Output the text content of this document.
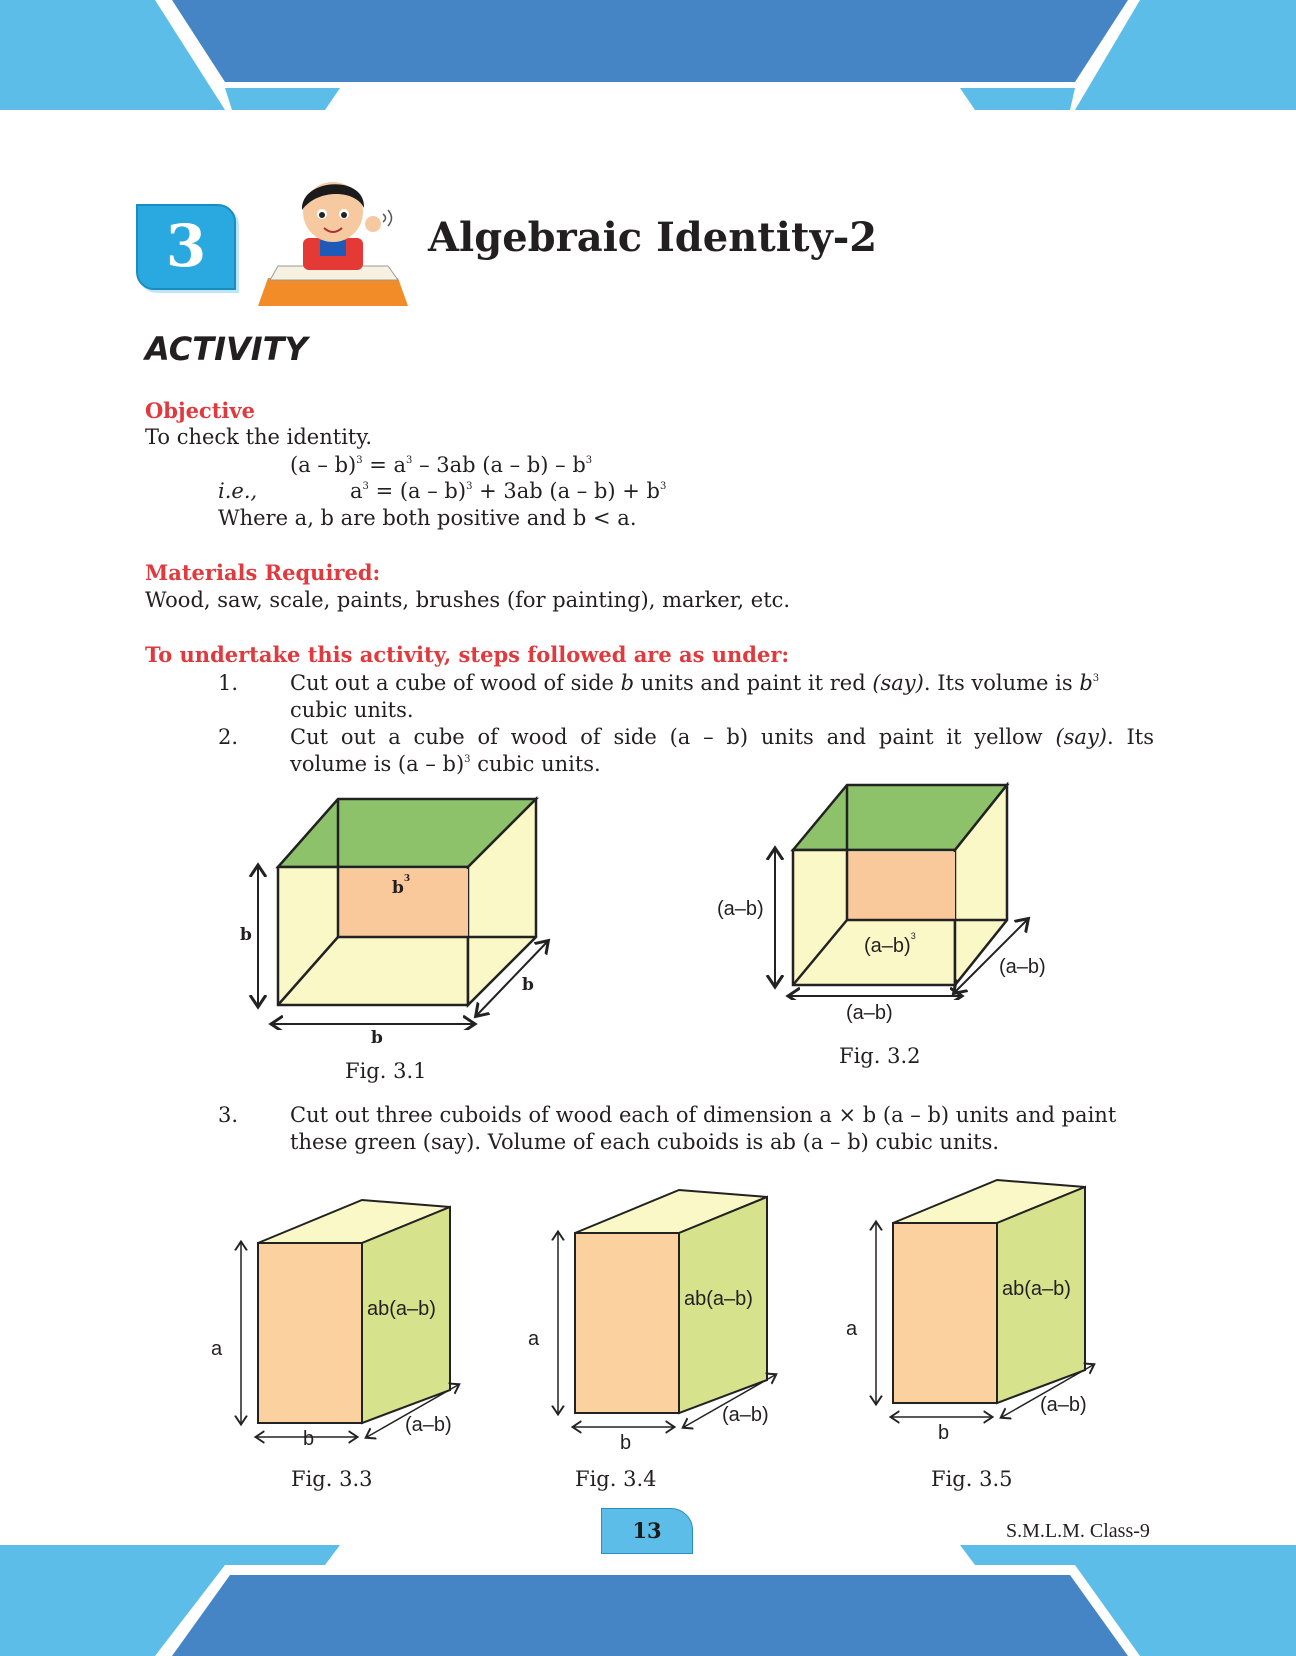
3	Algebraic Identity-2
ACTIVITY
Objective
To check the identity.
$(a - b)^3 = a^3 - 3ab$ $(a - b) - b^3$
i.e.,	$a^3 = (a - b)^3 + 3ab$ $(a - b) + b^3$
Where a, b are both positive and b < a.
Materials Required:
Wood, saw, scale, paints, brushes (for painting), marker, etc.
To undertake this activity, steps followed are as under:
1. Cut out a cube of wood of side b units and paint it red (say). Its volume is $b^3$
cubic units.
2. Cut out a cube of wood of side (a – b) units and paint it yellow (say). Its
volume is (a – b)$^3$ cubic units.
b
b
b
$b^3$
Fig. 3.1
(a–b)
(a–b)
(a–b)
$(a-b)^3$
Fig. 3.2
3. Cut out three cuboids of wood each of dimension a × b (a – b) units and paint
these green (say). Volume of each cuboids is ab (a – b) cubic units.
a
ab(a–b)
b
(a–b)
Fig. 3.3
a
ab(a–b)
b
(a–b)
Fig. 3.4
a
ab(a–b)
b
(a–b)
Fig. 3.5
13	S.M.L.M. Class-9
